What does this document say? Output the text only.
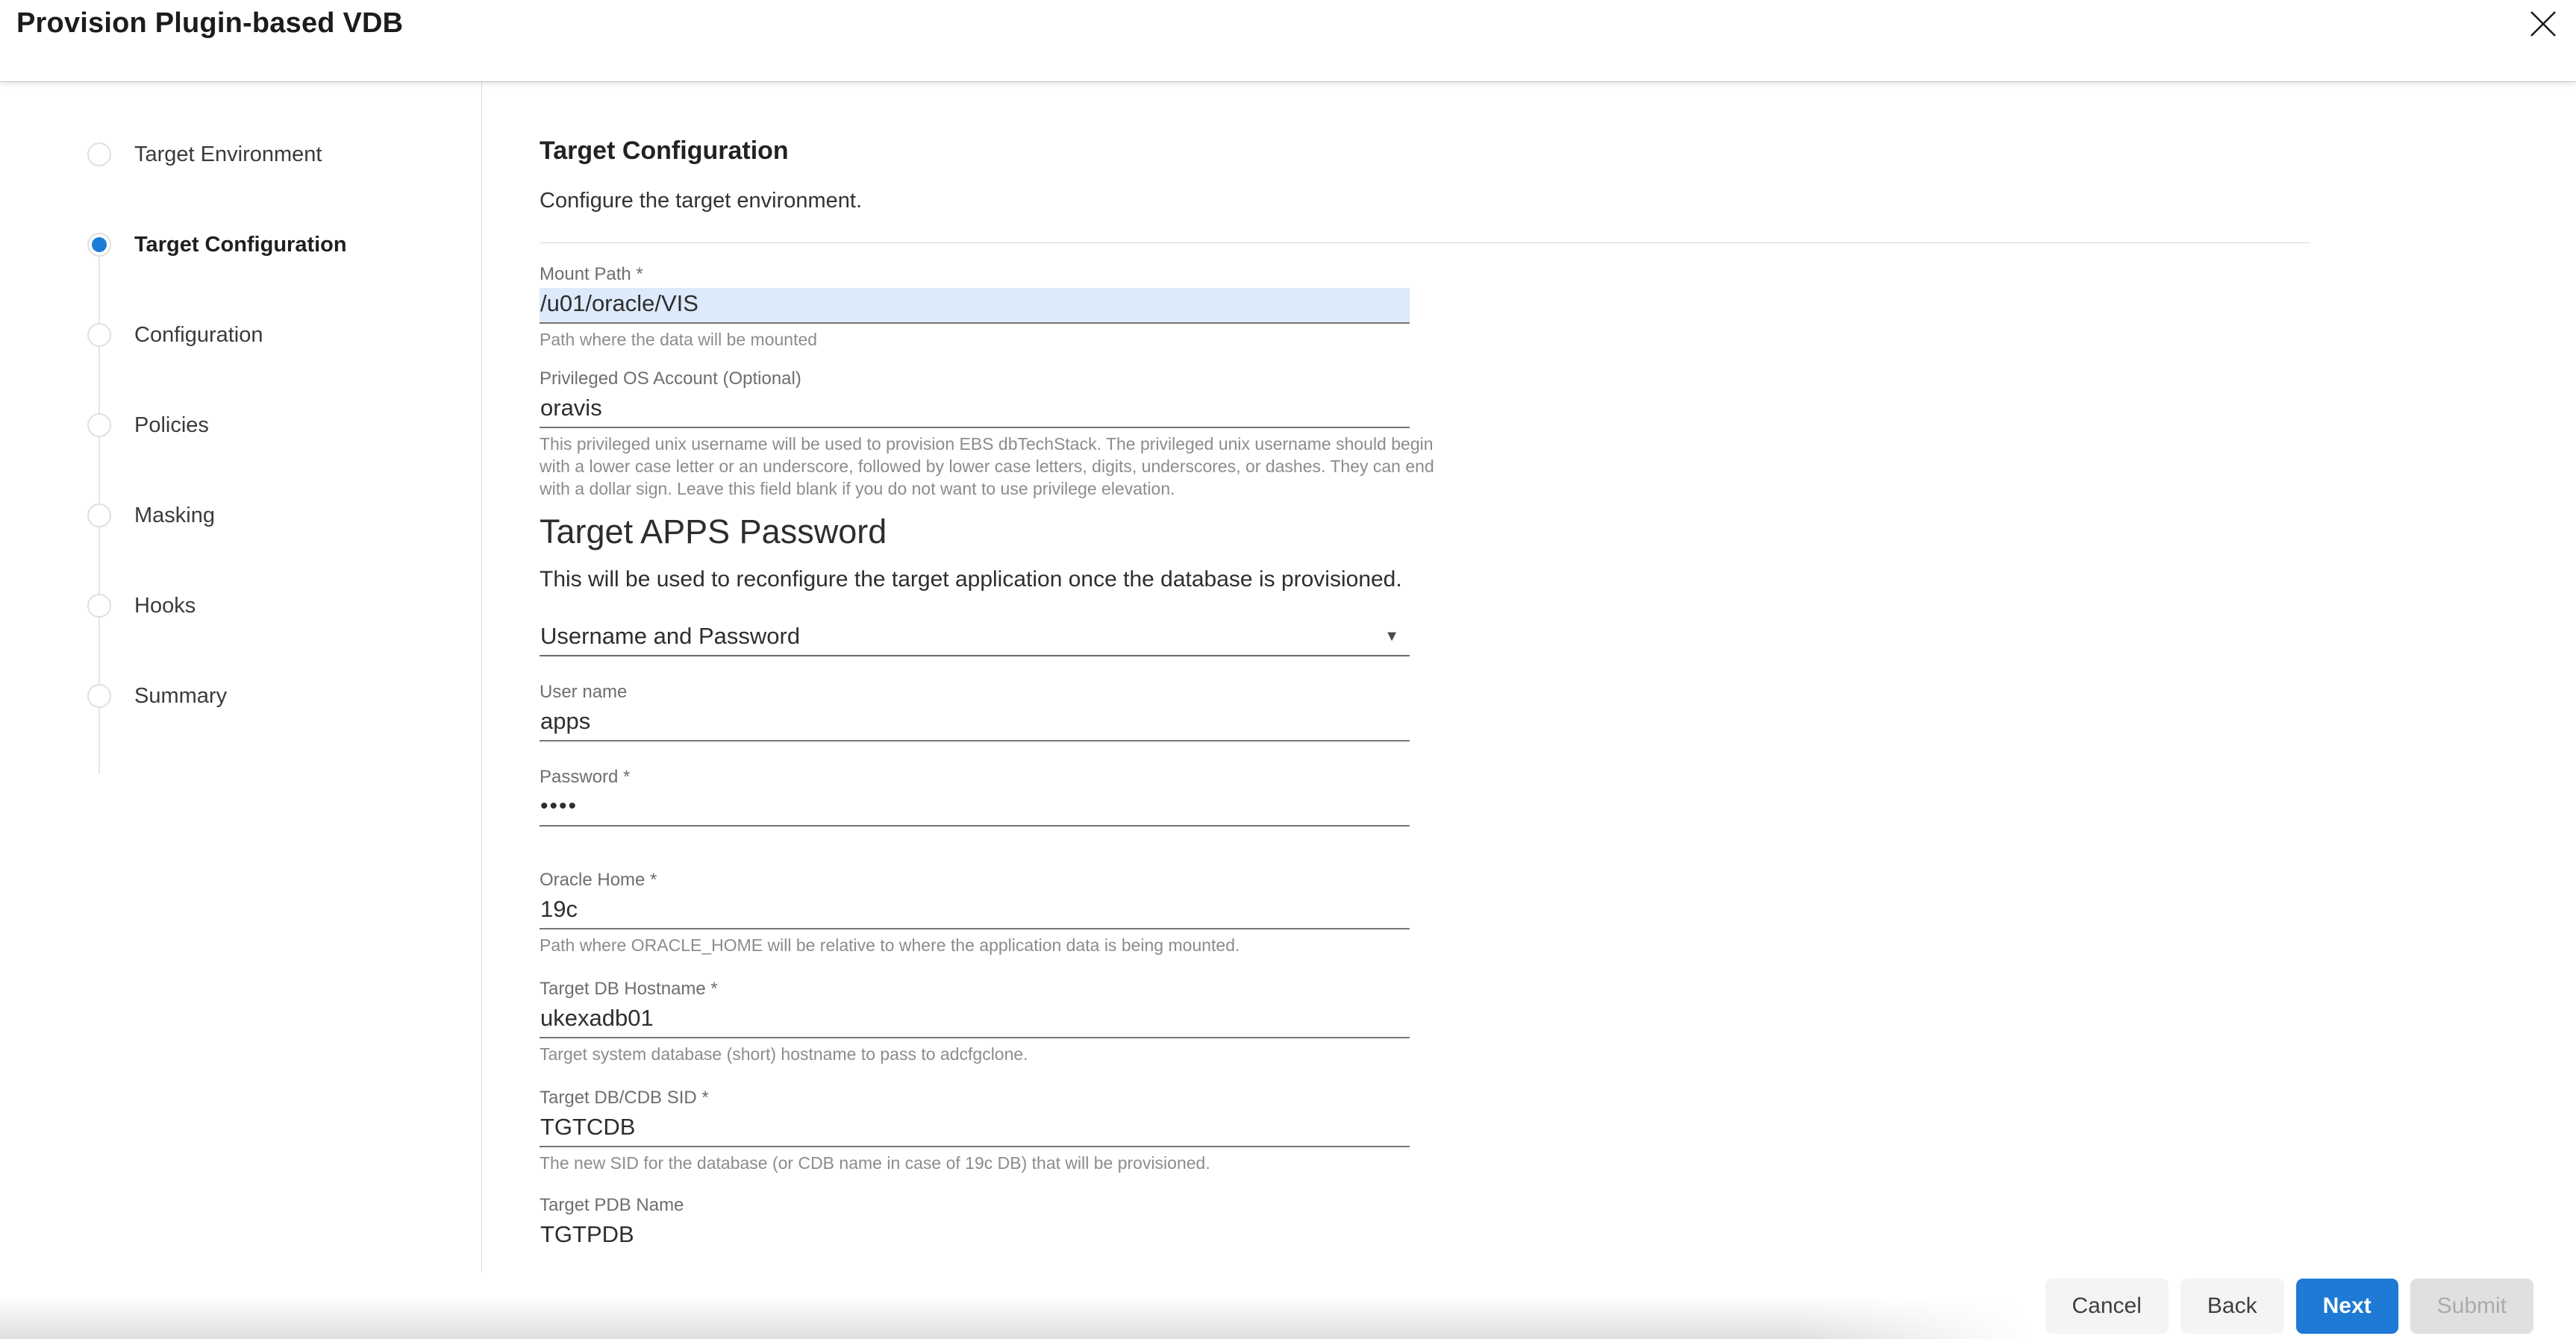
Provision Plugin-based VDB
Target Environment
Target Configuration
Configuration
Policies
Masking
Hooks
Summary
Target Configuration

Configure the target environment.

Mount Path *
/u01/oracle/VIS

Path where the data will be mounted

Privileged OS Account (Optional)
oravis

This privileged unix username will be used to provision EBS dbTechStack. The privileged unix username should begin with a lower case letter or an underscore, followed by lower case letters, digits, underscores, or dashes. They can end with a dollar sign. Leave this field blank if you do not want to use privilege elevation.

Target APPS Password

This will be used to reconfigure the target application once the database is provisioned.

Username and Password	▼
User name
apps
Password *
••••
Oracle Home *
19c

Path where ORACLE_HOME will be relative to where the application data is being mounted.

Target DB Hostname *
ukexadb01

Target system database (short) hostname to pass to adcfgclone.

Target DB/CDB SID *
TGTCDB

The new SID for the database (or CDB name in case of 19c DB) that will be provisioned.

Target PDB Name
TGTPDB
Cancel	Back	Next	Submit
